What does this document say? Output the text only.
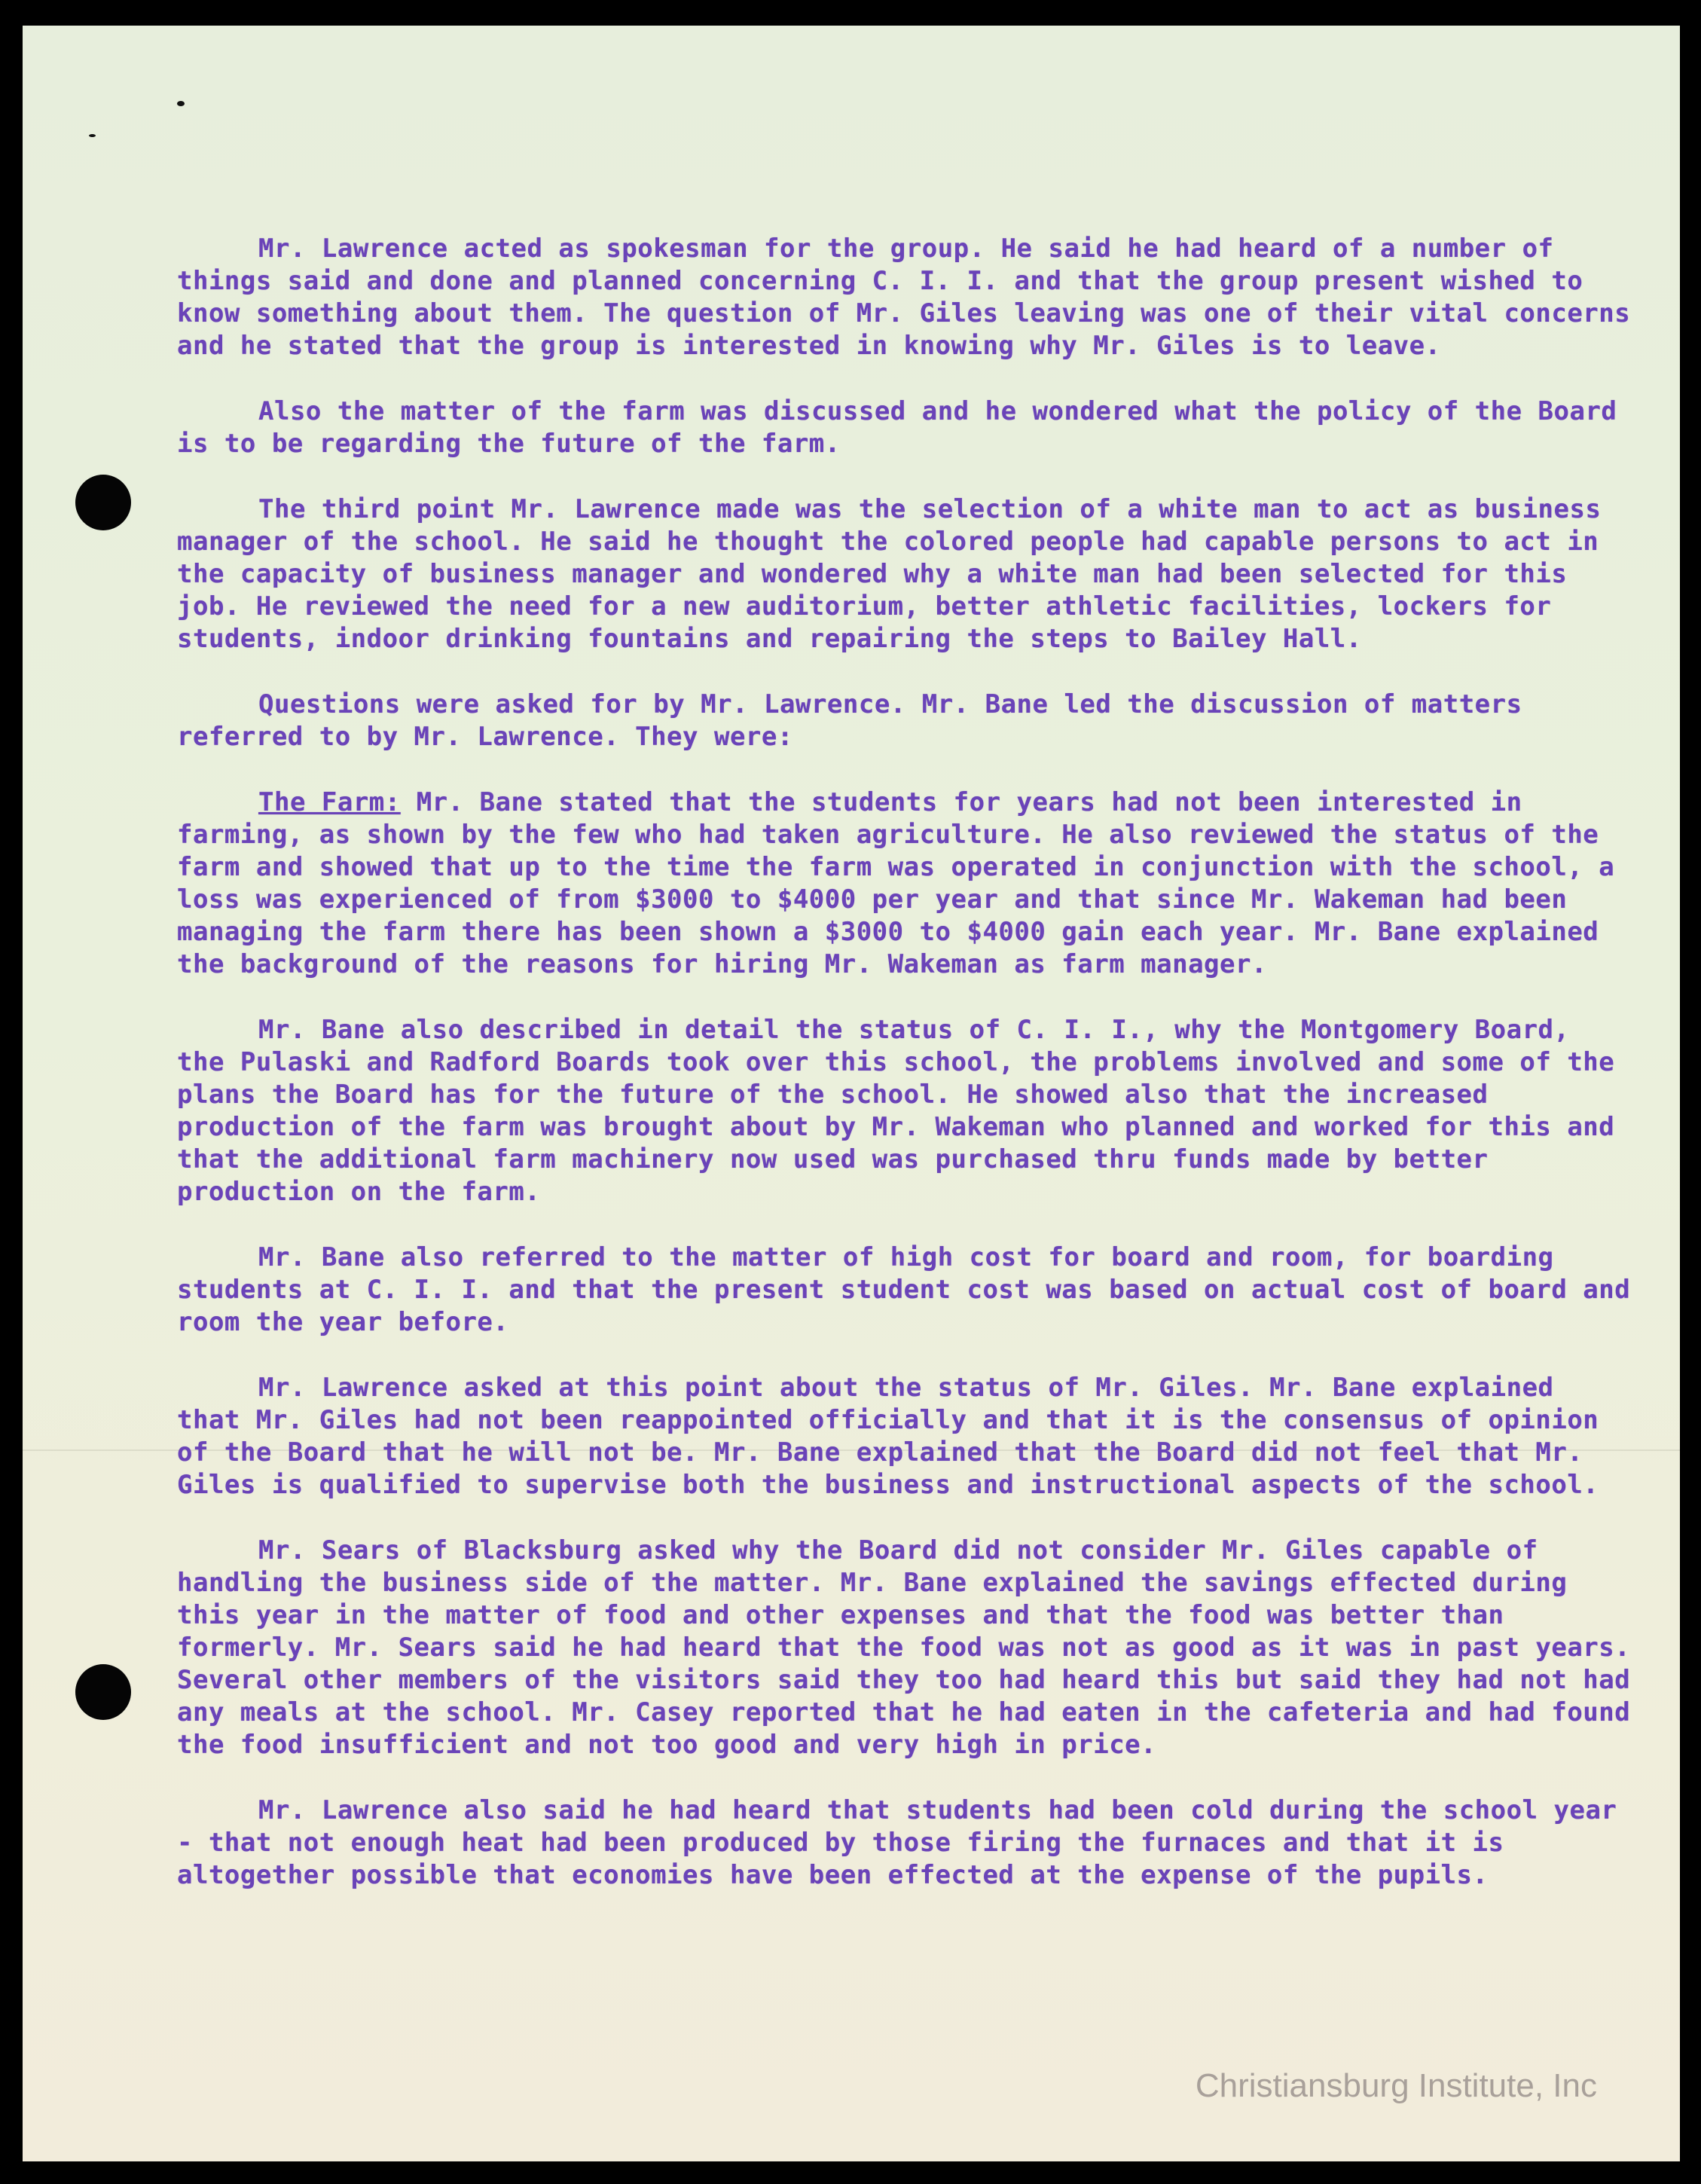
Mr. Lawrence acted as spokesman for the group. He said he had heard of a number of things said and done and planned concerning C. I. I. and that the group present wished to know something about them. The question of Mr. Giles leaving was one of their vital concerns and he stated that the group is interested in knowing why Mr. Giles is to leave.

Also the matter of the farm was discussed and he wondered what the policy of the Board is to be regarding the future of the farm.

The third point Mr. Lawrence made was the selection of a white man to act as business manager of the school. He said he thought the colored people had capable persons to act in the capacity of business manager and wondered why a white man had been selected for this job. He reviewed the need for a new auditorium, better athletic facilities, lockers for students, indoor drinking fountains and repairing the steps to Bailey Hall.

Questions were asked for by Mr. Lawrence. Mr. Bane led the discussion of matters referred to by Mr. Lawrence. They were:

The Farm: Mr. Bane stated that the students for years had not been interested in farming, as shown by the few who had taken agriculture. He also reviewed the status of the farm and showed that up to the time the farm was operated in conjunction with the school, a loss was experienced of from $3000 to $4000 per year and that since Mr. Wakeman had been managing the farm there has been shown a $3000 to $4000 gain each year. Mr. Bane explained the background of the reasons for hiring Mr. Wakeman as farm manager.

Mr. Bane also described in detail the status of C. I. I., why the Montgomery Board, the Pulaski and Radford Boards took over this school, the problems involved and some of the plans the Board has for the future of the school. He showed also that the increased production of the farm was brought about by Mr. Wakeman who planned and worked for this and that the additional farm machinery now used was purchased thru funds made by better production on the farm.

Mr. Bane also referred to the matter of high cost for board and room, for boarding students at C. I. I. and that the present student cost was based on actual cost of board and room the year before.

Mr. Lawrence asked at this point about the status of Mr. Giles. Mr. Bane explained that Mr. Giles had not been reappointed officially and that it is the consensus of opinion of the Board that he will not be. Mr. Bane explained that the Board did not feel that Mr. Giles is qualified to supervise both the business and instructional aspects of the school.

Mr. Sears of Blacksburg asked why the Board did not consider Mr. Giles capable of handling the business side of the matter. Mr. Bane explained the savings effected during this year in the matter of food and other expenses and that the food was better than formerly. Mr. Sears said he had heard that the food was not as good as it was in past years. Several other members of the visitors said they too had heard this but said they had not had any meals at the school. Mr. Casey reported that he had eaten in the cafeteria and had found the food insufficient and not too good and very high in price.

Mr. Lawrence also said he had heard that students had been cold during the school year - that not enough heat had been produced by those firing the furnaces and that it is altogether possible that economies have been effected at the expense of the pupils.

Christiansburg Institute, Inc
